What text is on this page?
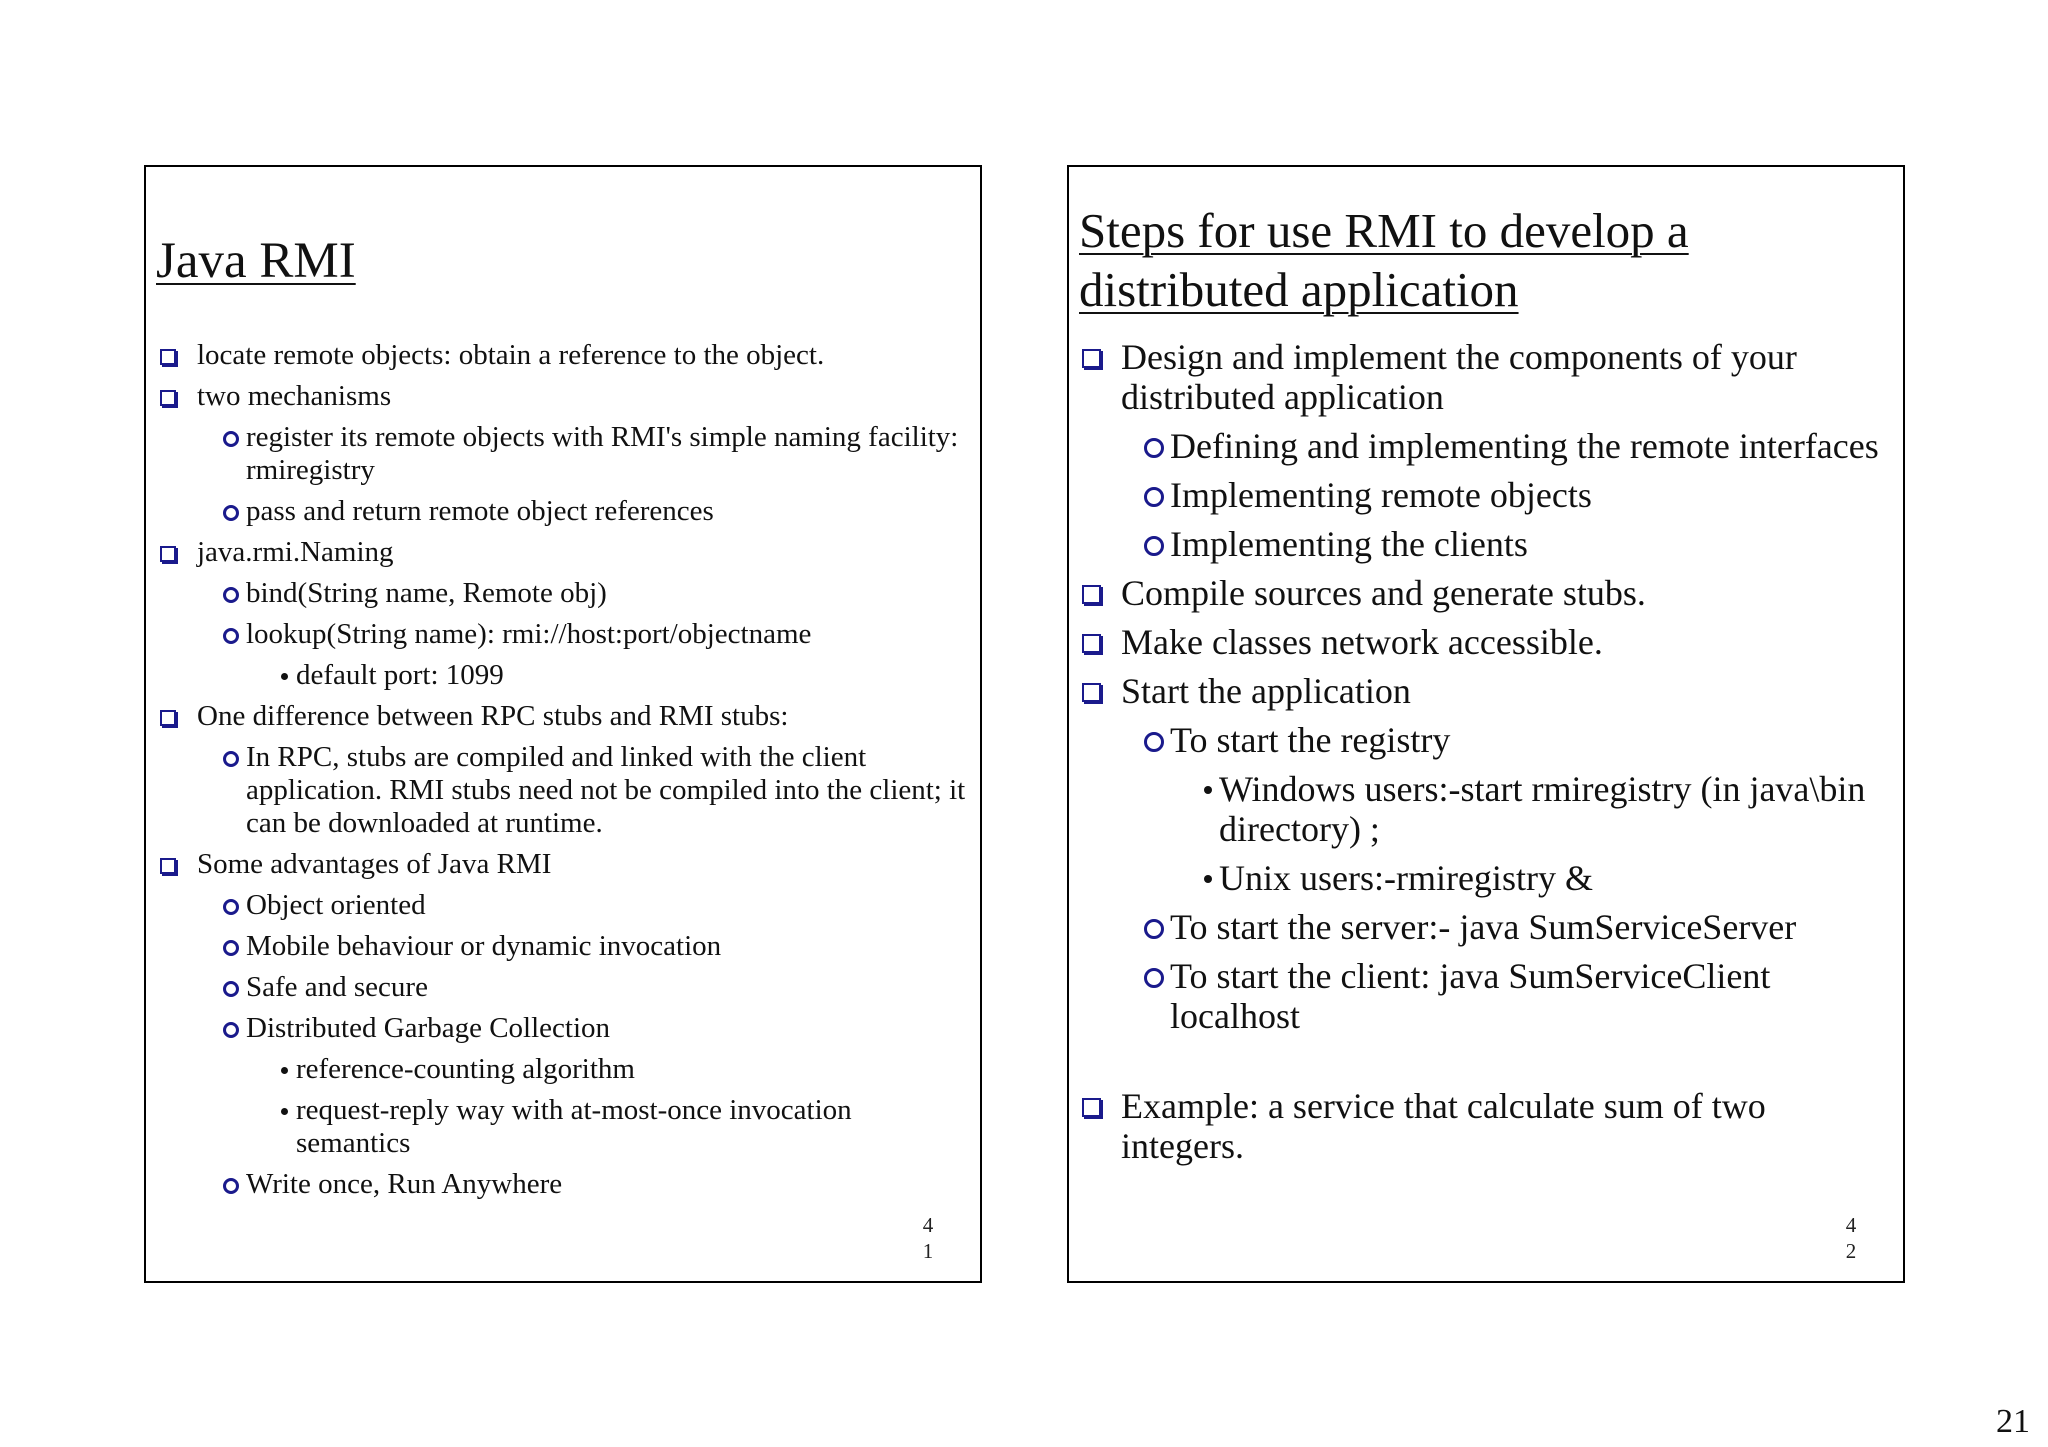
Java RMI
locate remote objects: obtain a reference to the object.
two mechanisms
register its remote objects with RMI's simple naming facility: rmiregistry
pass and return remote object references
java.rmi.Naming
bind(String name, Remote obj)
lookup(String name): rmi://host:port/objectname
default port: 1099
One difference between RPC stubs and RMI stubs:
In RPC, stubs are compiled and linked with the client application. RMI stubs need not be compiled into the client; it can be downloaded at runtime.
Some advantages of Java RMI
Object oriented
Mobile behaviour or dynamic invocation
Safe and secure
Distributed Garbage Collection
reference-counting algorithm
request-reply way with at-most-once invocation semantics
Write once, Run Anywhere
4
1
Steps for use RMI to develop a distributed application
Design and implement the components of your distributed application
Defining and implementing the remote interfaces
Implementing remote objects
Implementing the clients
Compile sources and generate stubs.
Make classes network accessible.
Start the application
To start the registry
Windows users:-start rmiregistry (in java\bin directory) ;
Unix users:-rmiregistry &
To start the server:- java SumServiceServer
To start the client: java SumServiceClient localhost
Example: a service that calculate sum of two integers.
4
2
21
